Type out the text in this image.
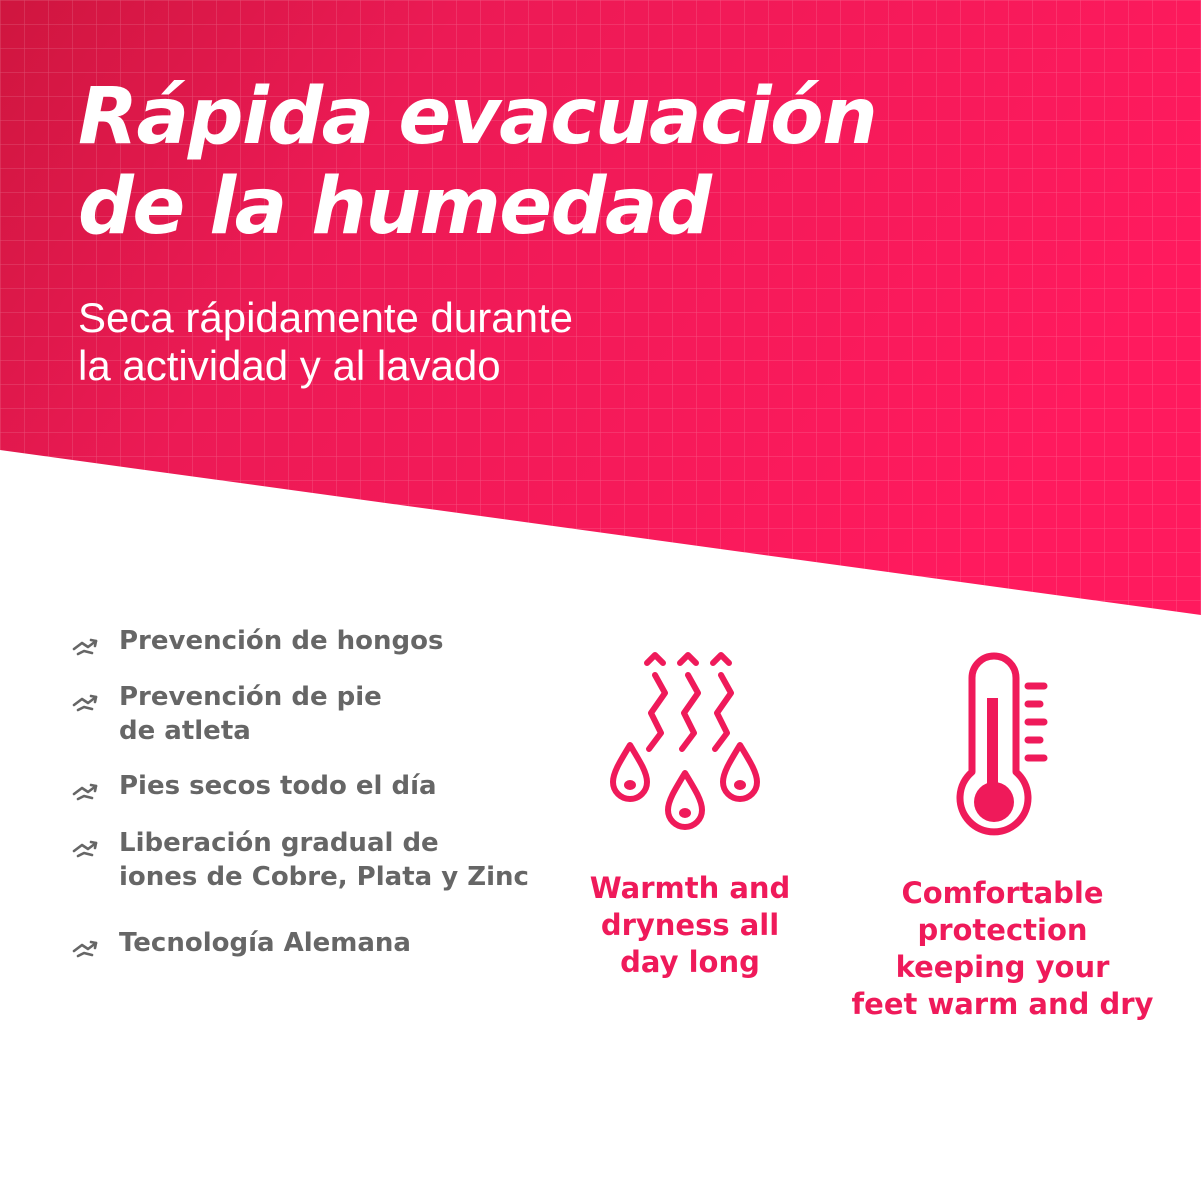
Rápida evacuación
de la humedad
Seca rápidamente durante
la actividad y al lavado
Prevención de hongos
Prevención de pie
de atleta
Pies secos todo el día
Liberación gradual de
iones de Cobre, Plata y Zinc
Tecnología Alemana
Warmth and
dryness all
day long
Comfortable
protection
keeping your
feet warm and dry
